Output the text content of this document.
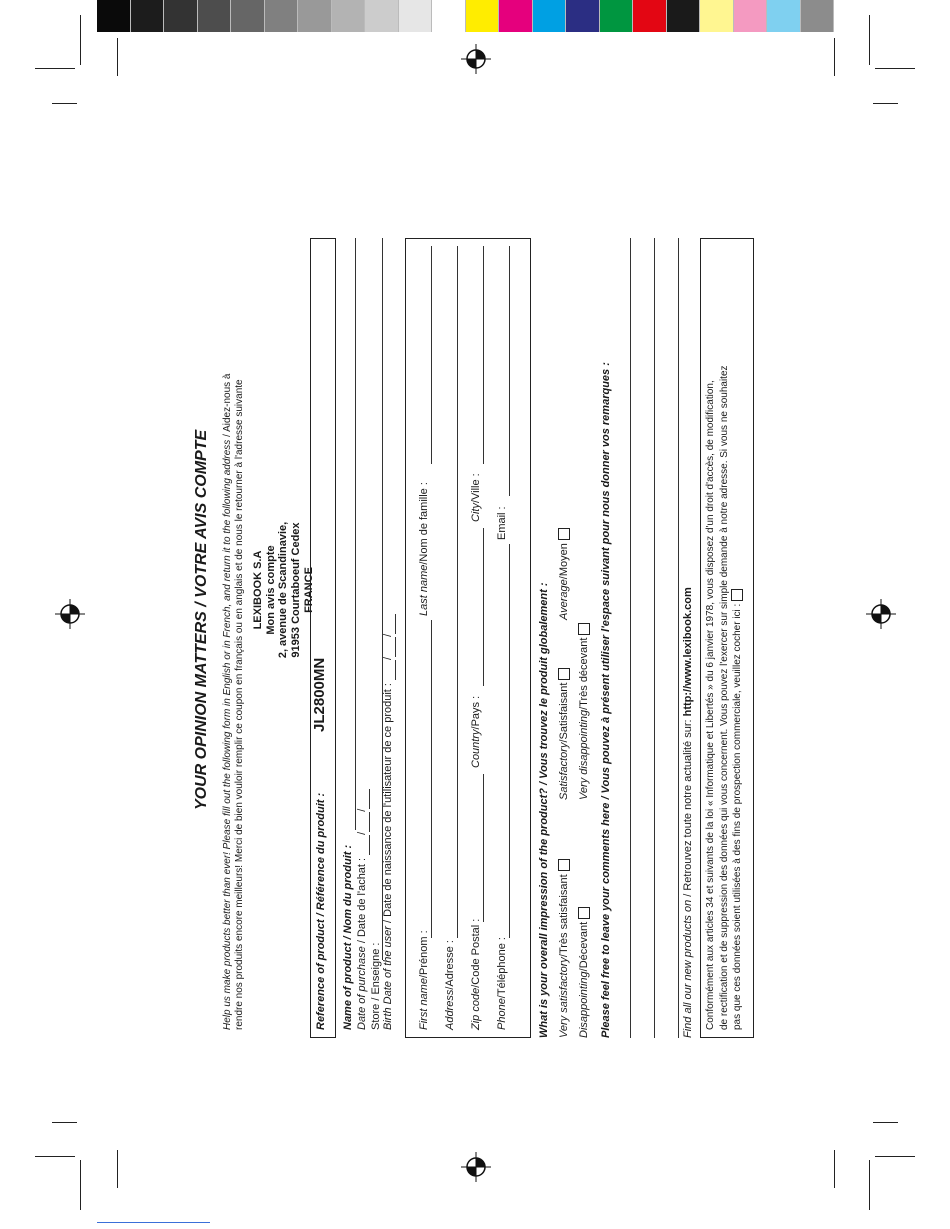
YOUR OPINION MATTERS / VOTRE AVIS COMPTE Help us make products better than ever! Please fill out the following form in English or in French, and return it to the following address / Aidez-nous à rendre nos produits encore meilleurs! Merci de bien vouloir remplir ce coupon en français ou en anglais et de nous le retourner à l'adresse suivante LEXIBOOK S.A Mon avis compte 2, avenue de Scandinavie, 91953 Courtaboeuf Cedex FRANCE
Reference of product / Référence du produit :
JL2800MN
Name of product / Nom du produit : Date of purchase / Date de l'achat : //
Store / Enseigne : Birth Date of the user / Date de naissance de l'utilisateur de ce produit : //
First name/Prénom :
Last name/Nom de famille :
Address/Adresse :
Zip code/Code Postal :
Country/Pays :
City/Ville :
Phone/Téléphone :
Email :
What is your overall impression of the product? / Vous trouvez le produit globalement : Very satisfactory/Très satisfaisant
Satisfactory/Satisfaisant
Average/Moyen
Disappointing/Décevant
Very disappointing/Très décevant Please feel free to leave your comments here / Vous pouvez à présent utiliser l'espace suivant pour nous donner vos remarques :	Find all our new products on / Retrouvez toute notre actualité sur: http://www.lexibook.com Conformément aux articles 34 et suivants de la loi « Informatique et Libertés » du 6 janvier 1978, vous disposez d'un droit d'accès, de modification, de rectification et de suppression des données qui vous concernent. Vous pouvez l'exercer sur simple demande à notre adresse. Si vous ne souhaitez pas que ces données soient utilisées à des fins de prospection commerciale, veuillez cocher ici :
